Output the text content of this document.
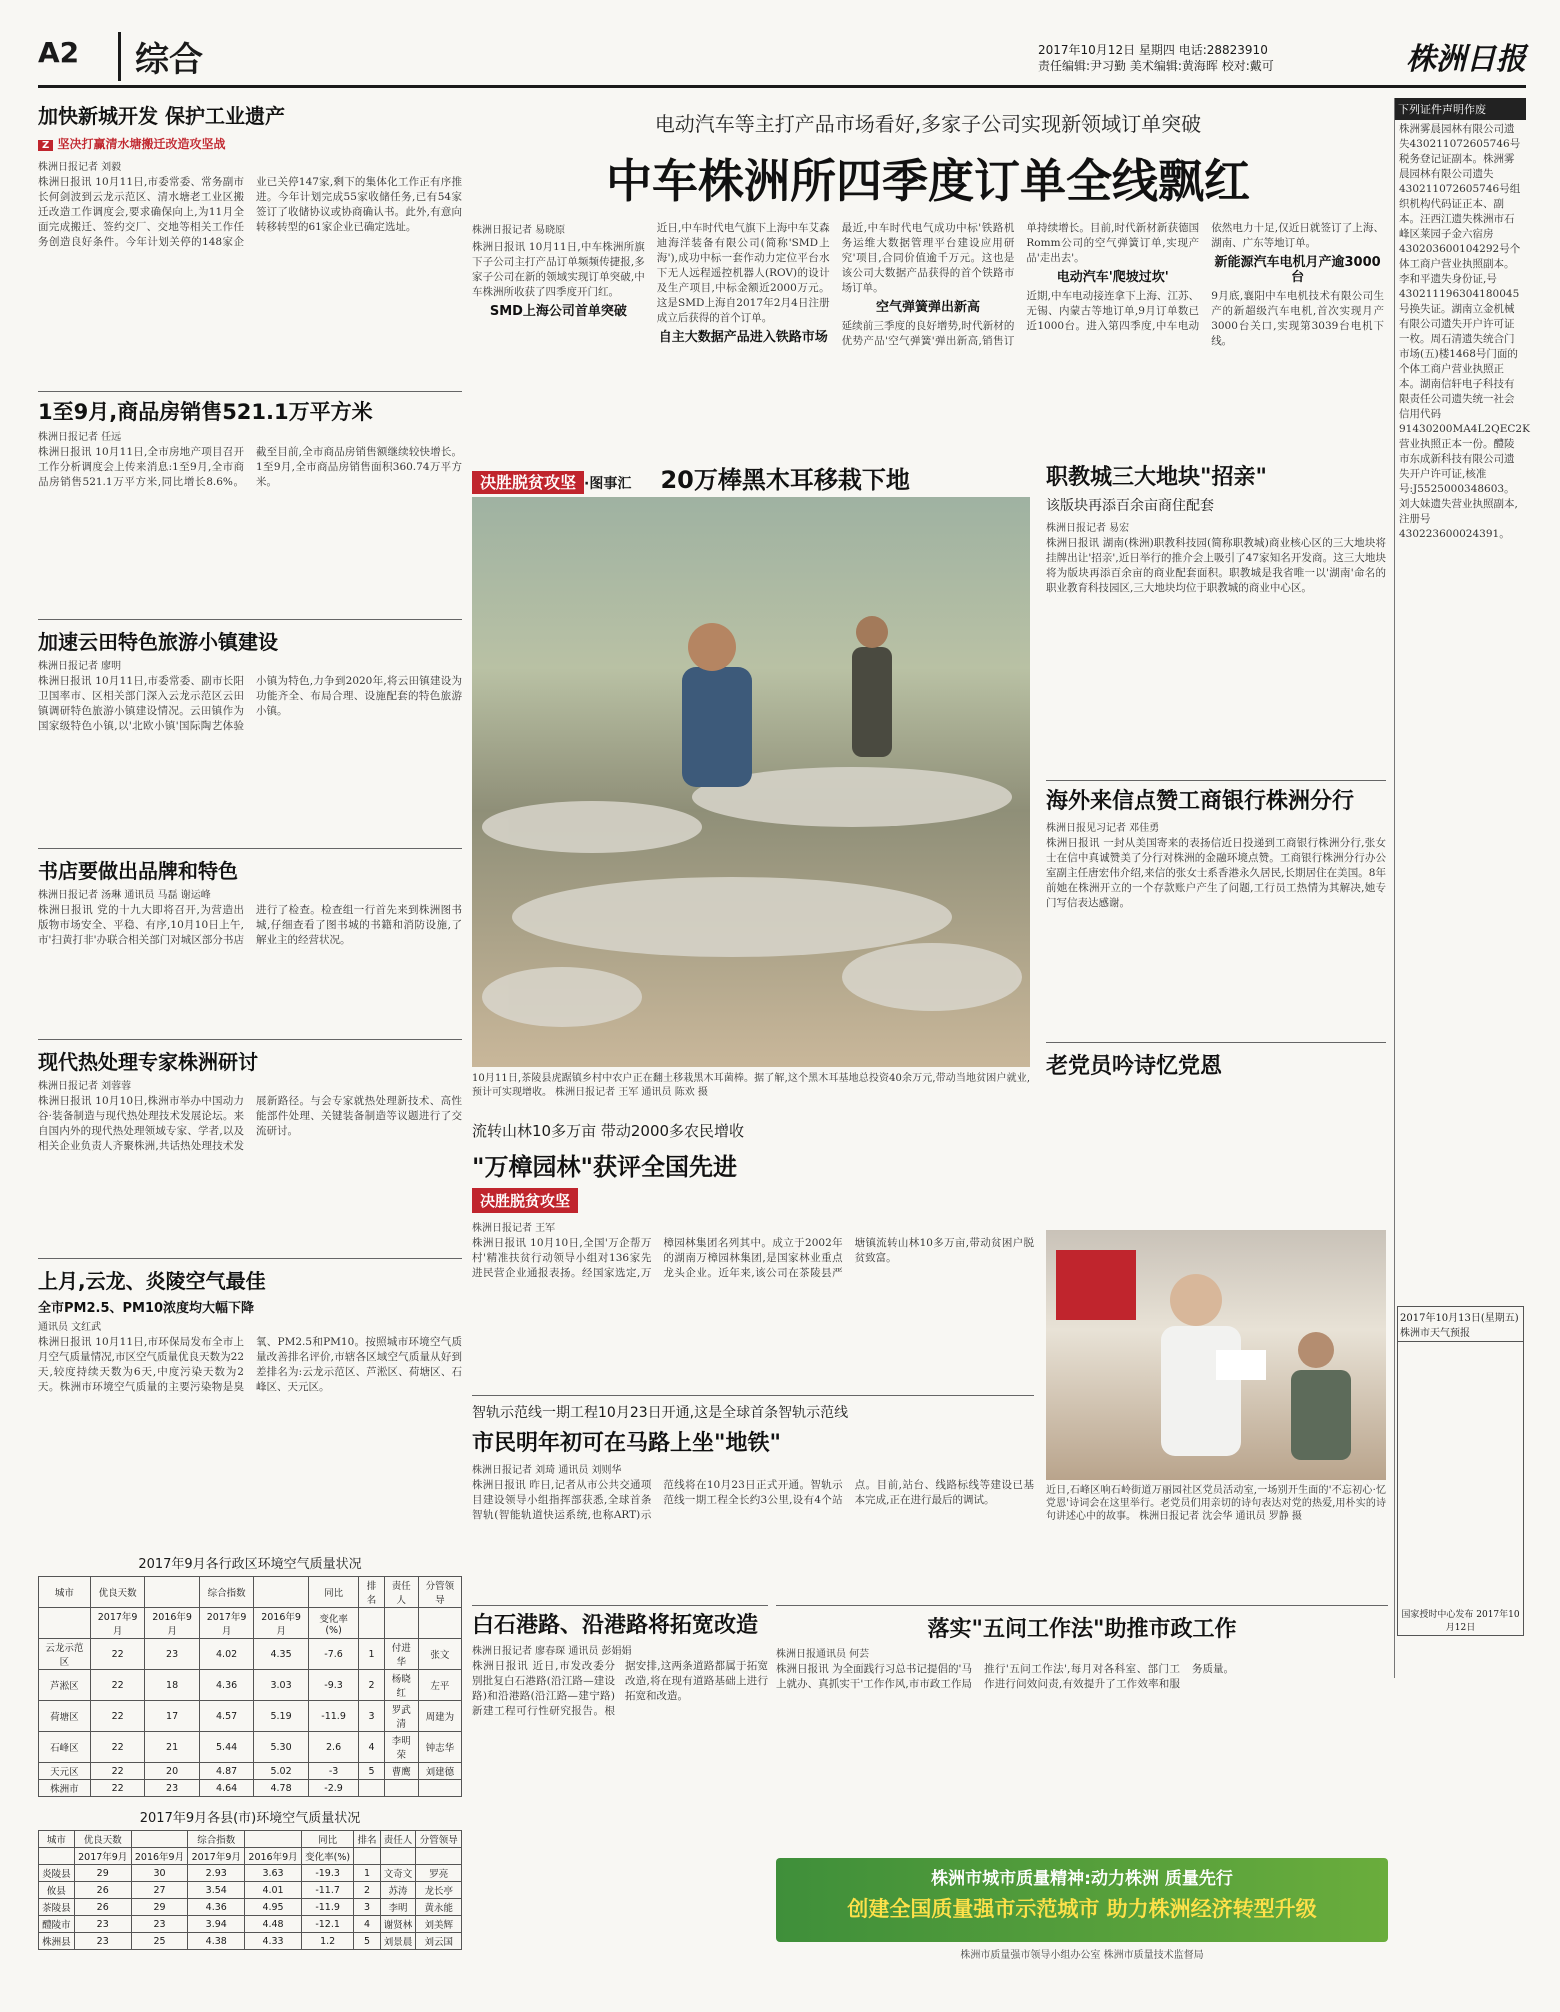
A2	综合	2017年10月12日 星期四 电话:28823910
责任编辑:尹习勤 美术编辑:黄海晖 校对:戴可	株洲日报
加快新城开发 保护工业遗产
Z 坚决打赢清水塘搬迁改造攻坚战
株洲日报记者 刘毅
株洲日报讯 10月11日,市委常委、常务副市长何剑波到云龙示范区、清水塘老工业区搬迁改造工作调度会,要求确保向上,为11月全面完成搬迁、签约交厂、交地等相关工作任务创造良好条件。今年计划关停的148家企业已关停147家,剩下的集体化工作正有序推进。今年计划完成55家收储任务,已有54家签订了收储协议或协商确认书。此外,有意向转移转型的61家企业已确定选址。
1至9月,商品房销售521.1万平方米
株洲日报记者 任远
株洲日报讯 10月11日,全市房地产项目召开工作分析调度会上传来消息:1至9月,全市商品房销售521.1万平方米,同比增长8.6%。截至目前,全市商品房销售额继续较快增长。1至9月,全市商品房销售面积360.74万平方米。
加速云田特色旅游小镇建设
株洲日报记者 廖明
株洲日报讯 10月11日,市委常委、副市长阳卫国率市、区相关部门深入云龙示范区云田镇调研特色旅游小镇建设情况。云田镇作为国家级特色小镇,以'北欧小镇'国际陶艺体验小镇为特色,力争到2020年,将云田镇建设为功能齐全、布局合理、设施配套的特色旅游小镇。
书店要做出品牌和特色
株洲日报记者 汤琳 通讯员 马磊 谢运峰
株洲日报讯 党的十九大即将召开,为营造出版物市场安全、平稳、有序,10月10日上午,市'扫黄打非'办联合相关部门对城区部分书店进行了检查。检查组一行首先来到株洲图书城,仔细查看了图书城的书籍和消防设施,了解业主的经营状况。
现代热处理专家株洲研讨
株洲日报记者 刘蓉蓉
株洲日报讯 10月10日,株洲市举办中国动力谷·装备制造与现代热处理技术发展论坛。来自国内外的现代热处理领域专家、学者,以及相关企业负责人齐聚株洲,共话热处理技术发展新路径。与会专家就热处理新技术、高性能部件处理、关键装备制造等议题进行了交流研讨。
上月,云龙、炎陵空气最佳
全市PM2.5、PM10浓度均大幅下降
通讯员 文红武
株洲日报讯 10月11日,市环保局发布全市上月空气质量情况,市区空气质量优良天数为22天,较度持续天数为6天,中度污染天数为2天。株洲市环境空气质量的主要污染物是臭氧、PM2.5和PM10。按照城市环境空气质量改善排名评价,市辖各区域空气质量从好到差排名为:云龙示范区、芦淞区、荷塘区、石峰区、天元区。
2017年9月各行政区环境空气质量状况
城市	优良天数		综合指数		同比	排名	责任人	分管领导
	2017年9月	2016年9月	2017年9月	2016年9月	变化率(%)			
云龙示范区	22	23	4.02	4.35	-7.6	1	付进华	张文
芦淞区	22	18	4.36	3.03	-9.3	2	杨晓红	左平
荷塘区	22	17	4.57	5.19	-11.9	3	罗武清	周建为
石峰区	22	21	5.44	5.30	2.6	4	李明荣	钟志华
天元区	22	20	4.87	5.02	-3	5	曹鹰	刘建德
株洲市	22	23	4.64	4.78	-2.9			
2017年9月各县(市)环境空气质量状况
城市	优良天数		综合指数		同比	排名	责任人	分管领导
	2017年9月	2016年9月	2017年9月	2016年9月	变化率(%)			
炎陵县	29	30	2.93	3.63	-19.3	1	文奇文	罗亮
攸县	26	27	3.54	4.01	-11.7	2	苏涛	龙长亭
茶陵县	26	29	4.36	4.95	-11.9	3	李明	黄永能
醴陵市	23	23	3.94	4.48	-12.1	4	谢贤林	刘美辉
株洲县	23	25	4.38	4.33	1.2	5	刘景晨	刘云国
电动汽车等主打产品市场看好,多家子公司实现新领域订单突破
中车株洲所四季度订单全线飘红
株洲日报记者 易晓原
株洲日报讯 10月11日,中车株洲所旗下子公司主打产品订单频频传捷报,多家子公司在新的领域实现订单突破,中车株洲所收获了四季度开门红。
SMD上海公司首单突破
近日,中车时代电气旗下上海中车艾森迪海洋装备有限公司(简称'SMD上海'),成功中标一套作动力定位平台水下无人远程遥控机器人(ROV)的设计及生产项目,中标金额近2000万元。这是SMD上海自2017年2月4日注册成立后获得的首个订单。
自主大数据产品进入铁路市场
最近,中车时代电气成功中标'铁路机务运维大数据管理平台建设应用研究'项目,合同价值逾千万元。这也是该公司大数据产品获得的首个铁路市场订单。
空气弹簧弹出新高
延续前三季度的良好增势,时代新材的优势产品'空气弹簧'弹出新高,销售订单持续增长。目前,时代新材新获德国Romm公司的空气弹簧订单,实现产品'走出去'。
电动汽车'爬坡过坎'
近期,中车电动接连拿下上海、江苏、无锡、内蒙古等地订单,9月订单数已近1000台。进入第四季度,中车电动依然电力十足,仅近日就签订了上海、湖南、广东等地订单。
新能源汽车电机月产逾3000台
9月底,襄阳中车电机技术有限公司生产的新超级汽车电机,首次实现月产3000台关口,实现第3039台电机下线。
决胜脱贫攻坚 ·图事汇 20万棒黑木耳移栽下地
10月11日,茶陵县虎踞镇乡村中农户正在翻土移栽黑木耳菌棒。据了解,这个黑木耳基地总投资40余万元,带动当地贫困户就业,预计可实现增收。 株洲日报记者 王军 通讯员 陈欢 摄
职教城三大地块"招亲"
该版块再添百余亩商住配套
株洲日报记者 易宏
株洲日报讯 湖南(株洲)职教科技园(简称职教城)商业核心区的三大地块将挂牌出让'招亲',近日举行的推介会上吸引了47家知名开发商。这三大地块将为版块再添百余亩的商业配套面积。职教城是我省唯一以'湖南'命名的职业教育科技园区,三大地块均位于职教城的商业中心区。
海外来信点赞工商银行株洲分行
株洲日报见习记者 邓佳勇
株洲日报讯 一封从美国寄来的表扬信近日投递到工商银行株洲分行,张女士在信中真诚赞美了分行对株洲的金融环境点赞。工商银行株洲分行办公室副主任唐宏伟介绍,来信的张女士系香港永久居民,长期居住在美国。8年前她在株洲开立的一个存款账户产生了问题,工行员工热情为其解决,她专门写信表达感谢。
老党员吟诗忆党恩
近日,石峰区响石岭街道万丽园社区党员活动室,一场别开生面的'不忘初心·忆党恩'诗词会在这里举行。老党员们用亲切的诗句表达对党的热爱,用朴实的诗句讲述心中的故事。 株洲日报记者 沈会华 通讯员 罗静 摄
流转山林10多万亩 带动2000多农民增收
"万樟园林"获评全国先进
决胜脱贫攻坚
株洲日报记者 王军
株洲日报讯 10月10日,全国'万企帮万村'精准扶贫行动领导小组对136家先进民营企业通报表扬。经国家选定,万樟园林集团名列其中。成立于2002年的湖南万樟园林集团,是国家林业重点龙头企业。近年来,该公司在茶陵县严塘镇流转山林10多万亩,带动贫困户脱贫致富。
智轨示范线一期工程10月23日开通,这是全球首条智轨示范线
市民明年初可在马路上坐"地铁"
株洲日报记者 刘琦 通讯员 刘则华
株洲日报讯 昨日,记者从市公共交通项目建设领导小组指挥部获悉,全球首条智轨(智能轨道快运系统,也称ART)示范线将在10月23日正式开通。智轨示范线一期工程全长约3公里,设有4个站点。目前,站台、线路标线等建设已基本完成,正在进行最后的调试。
白石港路、沿港路将拓宽改造
株洲日报记者 廖春琛 通讯员 彭娟娟
株洲日报讯 近日,市发改委分别批复白石港路(沿江路—建设路)和沿港路(沿江路—建宁路)新建工程可行性研究报告。根据安排,这两条道路都属于拓宽改造,将在现有道路基础上进行拓宽和改造。
落实"五问工作法"助推市政工作
株洲日报通讯员 何芸
株洲日报讯 为全面践行习总书记提倡的'马上就办、真抓实干'工作作风,市市政工作局推行'五问工作法',每月对各科室、部门工作进行问效问责,有效提升了工作效率和服务质量。
株洲市城市质量精神:动力株洲 质量先行
创建全国质量强市示范城市 助力株洲经济转型升级
株洲市质量强市领导小组办公室 株洲市质量技术监督局
下列证件声明作废
株洲雾晨园林有限公司遗失430211072605746号税务登记证副本。株洲雾晨园林有限公司遗失430211072605746号组织机构代码证正本、副本。汪西江遗失株洲市石峰区莱园子金六宿房430203600104292号个体工商户营业执照副本。李和平遗失身份证,号430211196304180045号换失证。湖南立金机械有限公司遗失开户许可证一枚。周石清遗失统合门市场(五)楼1468号门面的个体工商户营业执照正本。湖南信轩电子科技有限责任公司遗失统一社会信用代码91430200MA4L2QEC2K营业执照正本一份。醴陵市东成新科技有限公司遗失开户许可证,核准号:J5525000348603。刘大妹遗失营业执照副本,注册号430223600024391。
2017年10月13日(星期五)株洲市天气预报
国家授时中心发布 2017年10月12日
